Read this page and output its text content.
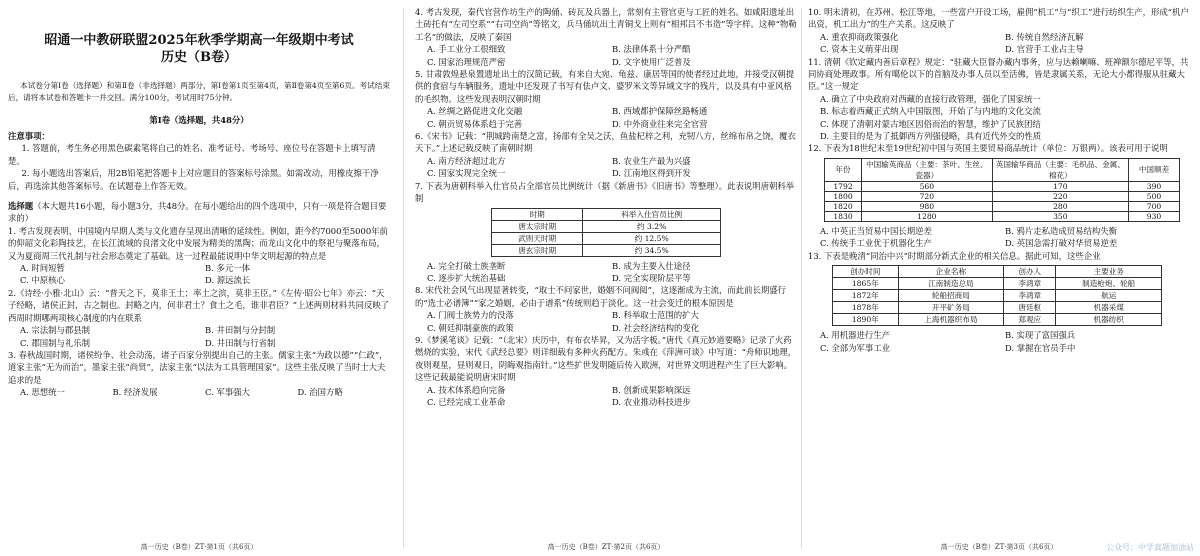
昭通一中教研联盟2025年秋季学期高一年级期中考试
历史（B卷）

本试卷分第Ⅰ卷（选择题）和第Ⅱ卷（非选择题）两部分，第Ⅰ卷第1页至第4页，第Ⅱ卷第4页至第6页。考试结束后，请将本试卷和答题卡一并交回。满分100分，考试用时75分钟。

第Ⅰ卷（选择题，共48分）

注意事项：

1. 答题前，考生务必用黑色碳素笔将自己的姓名、准考证号、考场号、座位号在答题卡上填写清楚。

2. 每小题选出答案后，用2B铅笔把答题卡上对应题目的答案标号涂黑。如需改动，用橡皮擦干净后，再选涂其他答案标号。在试题卷上作答无效。

选择题（本大题共16小题，每小题3分，共48分。在每小题给出的四个选项中，只有一项是符合题目要求的）

1. 考古发现表明，中国境内早期人类与文化遗存呈现出清晰的延续性。例如，距今约7000至5000年前的仰韶文化彩陶技艺，在长江流域的良渚文化中发展为精美的黑陶；而龙山文化中的祭祀与聚落布局，又为夏商周三代礼制与社会形态奠定了基础。这一过程最能说明中华文明起源的特点是

A. 时间短暂	B. 多元一体
C. 中原核心	D. 源远流长

2.《诗经·小雅·北山》云：“普天之下，莫非王土；率土之滨，莫非王臣。”《左传·昭公七年》亦云：“天子经略，诸侯正封，古之制也。封略之内，何非君土？食土之毛，谁非君臣？”上述两则材料共同反映了西周时期哪两项核心制度的内在联系

A. 宗法制与郡县制	B. 井田制与分封制
C. 郡国制与礼乐制	D. 井田制与行省制

3. 春秋战国时期，诸侯纷争、社会动荡，诸子百家分别提出自己的主张。儒家主张“为政以德”“仁政”，道家主张“无为而治”，墨家主张“尚贤”，法家主张“以法为工具管理国家”。这些主张反映了当时士大夫追求的是

A. 思想统一	B. 经济发展	C. 军事强大	D. 治国方略
高一历史（B卷）ZT·第1页（共6页）

4. 考古发现，秦代官营作坊生产的陶俑、砖瓦及兵器上，常刻有主管官吏与工匠的姓名。如咸阳遗址出土砖托有“左司空系”“右司空尚”等铭文，兵马俑坑出土青铜戈上则有“相邦吕不韦造”等字样。这种“物勒工名”的做法，反映了秦国

A. 手工业分工很细致	B. 法律体系十分严酷
C. 国家治理规范严密	D. 文字使用广泛普及

5. 甘肃敦煌悬泉置遗址出土的汉简记载，有来自大宛、龟兹、康居等国的使者经过此地，并接受汉朝提供的食宿与车辆服务。遗址中还发现了书写有佉卢文、婆罗米文等异域文字的残片，以及具有中亚风格的毛织物。这些发现表明汉朝时期

A. 丝绸之路促进文化交融	B. 西域都护保障丝路畅通
C. 朝贡贸易体系趋于完善	D. 中外商业往来完全官营

6.《宋书》记载：“荆城跨南楚之富，扬部有全吴之沃，鱼盐杞梓之利，充牣八方，丝绵布帛之饶，覆衣天下。”上述记载反映了南朝时期

A. 南方经济超过北方	B. 农业生产最为兴盛
C. 国家实现完全统一	D. 江南地区得到开发

7. 下表为唐朝科举入仕官员占全部官员比例统计（据《新唐书》《旧唐书》等整理）。此表说明唐朝科举制

时期	科举入仕官员比例
唐太宗时期	约 3.2%
武则天时期	约 12.5%
唐玄宗时期	约 34.5%
A. 完全打破士族垄断	B. 成为主要入仕途径
C. 逐步扩大统治基础	D. 完全实现阶层平等

8. 宋代社会风气出现显著转变，“取士不问家世，婚姻不问阀阅”，这逐渐成为主流，而此前长期盛行的“选士必谱簿”“家之婚姻，必由于谱系”传统则趋于淡化。这一社会变迁的根本原因是

A. 门阀士族势力的没落	B. 科举取士范围的扩大
C. 朝廷抑制豪族的政策	D. 社会经济结构的变化

9.《梦溪笔谈》记载：“（北宋）庆历中，有布衣毕昇，又为活字板。”唐代《真元妙道要略》记录了火药燃烧的实验，宋代《武经总要》则详细载有多种火药配方。朱彧在《萍洲可谈》中写道：“舟师识地理，夜则观星，昼则观日，阴晦观指南针。”这些扩世发明随后传入欧洲，对世界文明进程产生了巨大影响。这些记载最能说明唐宋时期

A. 技术体系趋向完备	B. 创新成果影响深远
C. 已经完成工业革命	D. 农业推动科技进步
高一历史（B卷）ZT·第2页（共6页）

10. 明末清初，在苏州、松江等地，一些富户开设工场，雇佣“机工”与“织工”进行纺织生产，形成“机户出资，机工出力”的生产关系。这反映了

A. 重农抑商政策强化	B. 传统自然经济瓦解
C. 资本主义萌芽出现	D. 官营手工业占主导

11. 清朝《钦定藏内善后章程》规定：“驻藏大臣督办藏内事务，应与达赖喇嘛、班禅额尔德尼平等，共同协商处理政事。所有噶伦以下的首脑及办事人员以至活佛，皆是隶属关系，无论大小都得服从驻藏大臣。”这一规定

A. 确立了中央政府对西藏的直接行政管理，强化了国家统一

B. 标志着西藏正式纳入中国版图，开始了与内地的文化交流

C. 体现了清朝对蒙古地区因俗而治的智慧，维护了民族团结

D. 主要目的是为了抵御西方列强侵略，具有近代外交的性质

12. 下表为18世纪末至19世纪初中国与英国主要贸易商品统计（单位：万银两）。该表可用于说明

年份	中国输英商品（主要：茶叶、生丝、瓷器）	英国输华商品（主要：毛织品、金属、棉花）	中国顺差
1792	560	170	390
1800	720	220	500
1820	980	280	700
1830	1280	350	930
A. 中英正当贸易中国长期逆差	B. 鸦片走私造成贸易结构失衡
C. 传统手工业优于机器化生产	D. 英国急需打破对华贸易逆差

13. 下表是晚清“同治中兴”时期部分新式企业的相关信息。据此可知，这些企业

创办时间	企业名称	创办人	主要业务
1865年	江南制造总局	李鸿章	制造枪炮、轮船
1872年	轮船招商局	李鸿章	航运
1878年	开平矿务局	唐廷枢	机器采煤
1890年	上海机器织布局	郑观应	机器纺织
A. 用机器进行生产	B. 实现了富国强兵
C. 全部为军事工业	D. 掌握在官员手中
高一历史（B卷）ZT·第3页（共6页）	公众号：中学真题加油站
